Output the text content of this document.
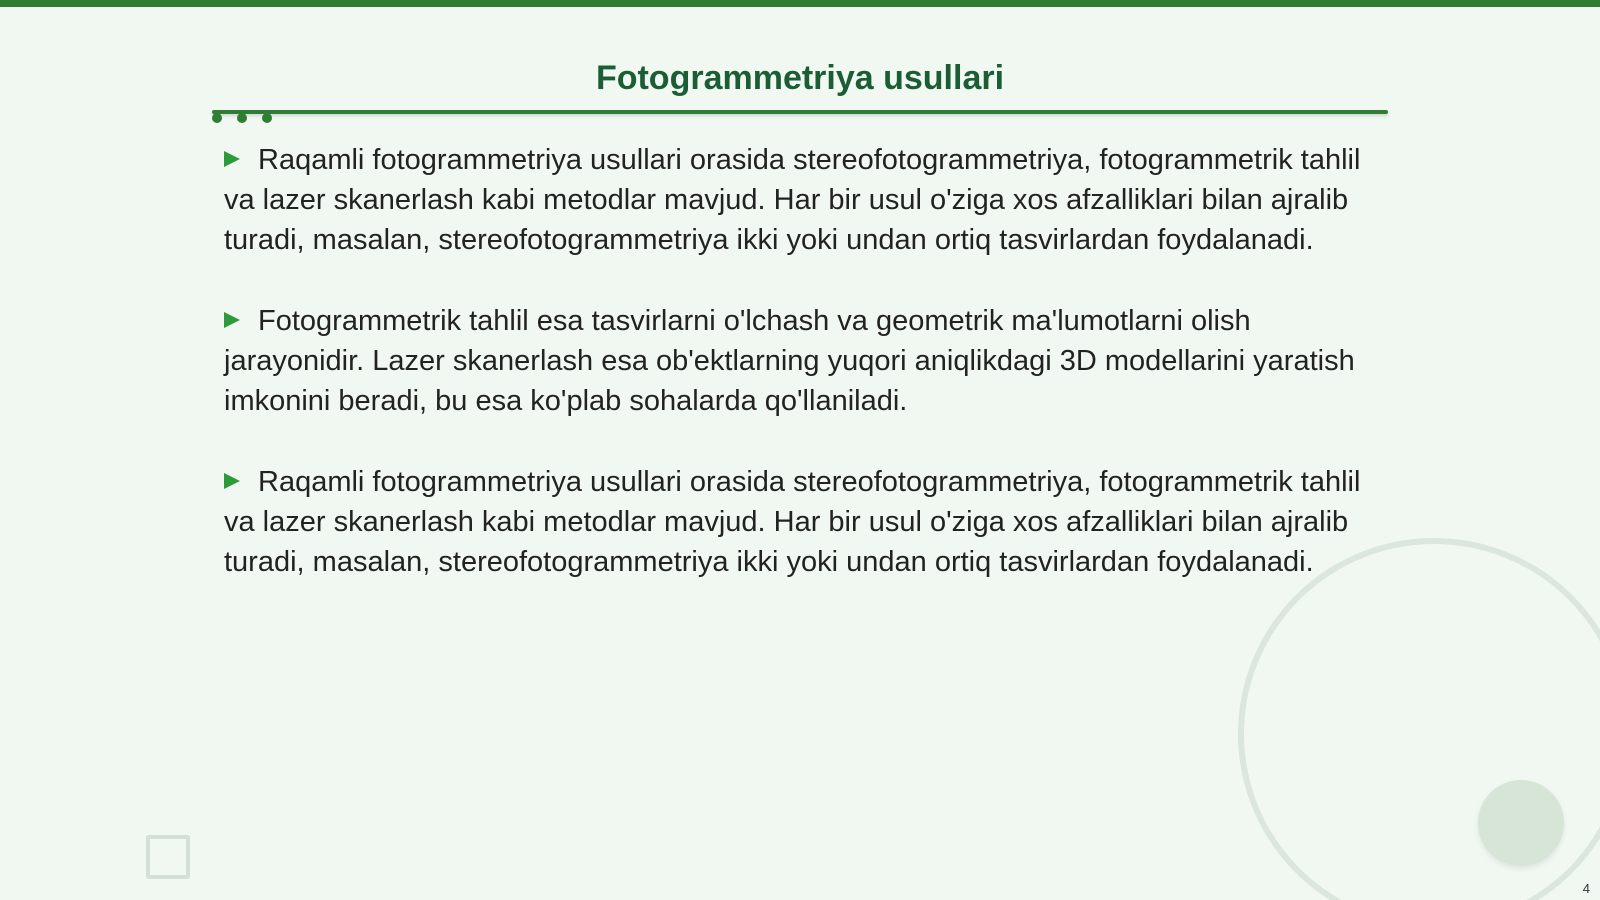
Fotogrammetriya usullari

Raqamli fotogrammetriya usullari orasida stereofotogrammetriya, fotogrammetrik tahlil va lazer skanerlash kabi metodlar mavjud. Har bir usul o'ziga xos afzalliklari bilan ajralib turadi, masalan, stereofotogrammetriya ikki yoki undan ortiq tasvirlardan foydalanadi.

Fotogrammetrik tahlil esa tasvirlarni o'lchash va geometrik ma'lumotlarni olish jarayonidir. Lazer skanerlash esa ob'ektlarning yuqori aniqlikdagi 3D modellarini yaratish imkonini beradi, bu esa ko'plab sohalarda qo'llaniladi.

Raqamli fotogrammetriya usullari orasida stereofotogrammetriya, fotogrammetrik tahlil va lazer skanerlash kabi metodlar mavjud. Har bir usul o'ziga xos afzalliklari bilan ajralib turadi, masalan, stereofotogrammetriya ikki yoki undan ortiq tasvirlardan foydalanadi.

4
